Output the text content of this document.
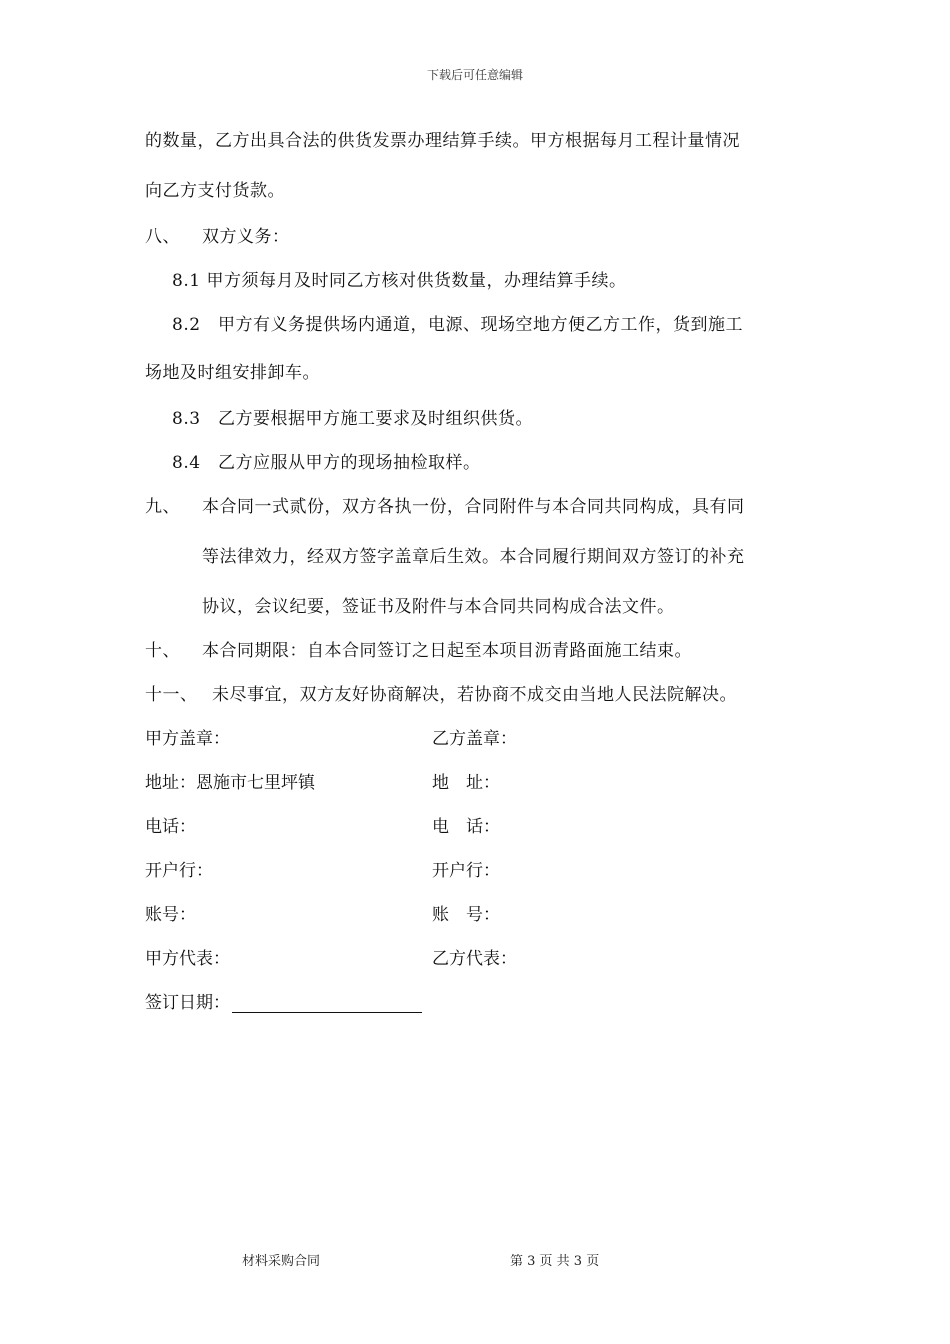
下载后可任意编辑
的数量，乙方出具合法的供货发票办理结算手续。甲方根据每月工程计量情况
向乙方支付货款。
八、 双方义务：
8.1 甲方须每月及时同乙方核对供货数量，办理结算手续。
8.2　甲方有义务提供场内通道，电源、现场空地方便乙方工作，货到施工
场地及时组安排卸车。
8.3　乙方要根据甲方施工要求及时组织供货。
8.4　乙方应服从甲方的现场抽检取样。
九、 本合同一式贰份，双方各执一份，合同附件与本合同共同构成，具有同
等法律效力，经双方签字盖章后生效。本合同履行期间双方签订的补充
协议，会议纪要，签证书及附件与本合同共同构成合法文件。
十、 本合同期限：自本合同签订之日起至本项目沥青路面施工结束。
十一、 未尽事宜，双方友好协商解决，若协商不成交由当地人民法院解决。
甲方盖章：	乙方盖章：
地址：恩施市七里坪镇	地　址：
电话：	电　话：
开户行：	开户行：
账号：	账　号：
甲方代表：	乙方代表：
签订日期：
材料采购合同	第 3 页 共 3 页
